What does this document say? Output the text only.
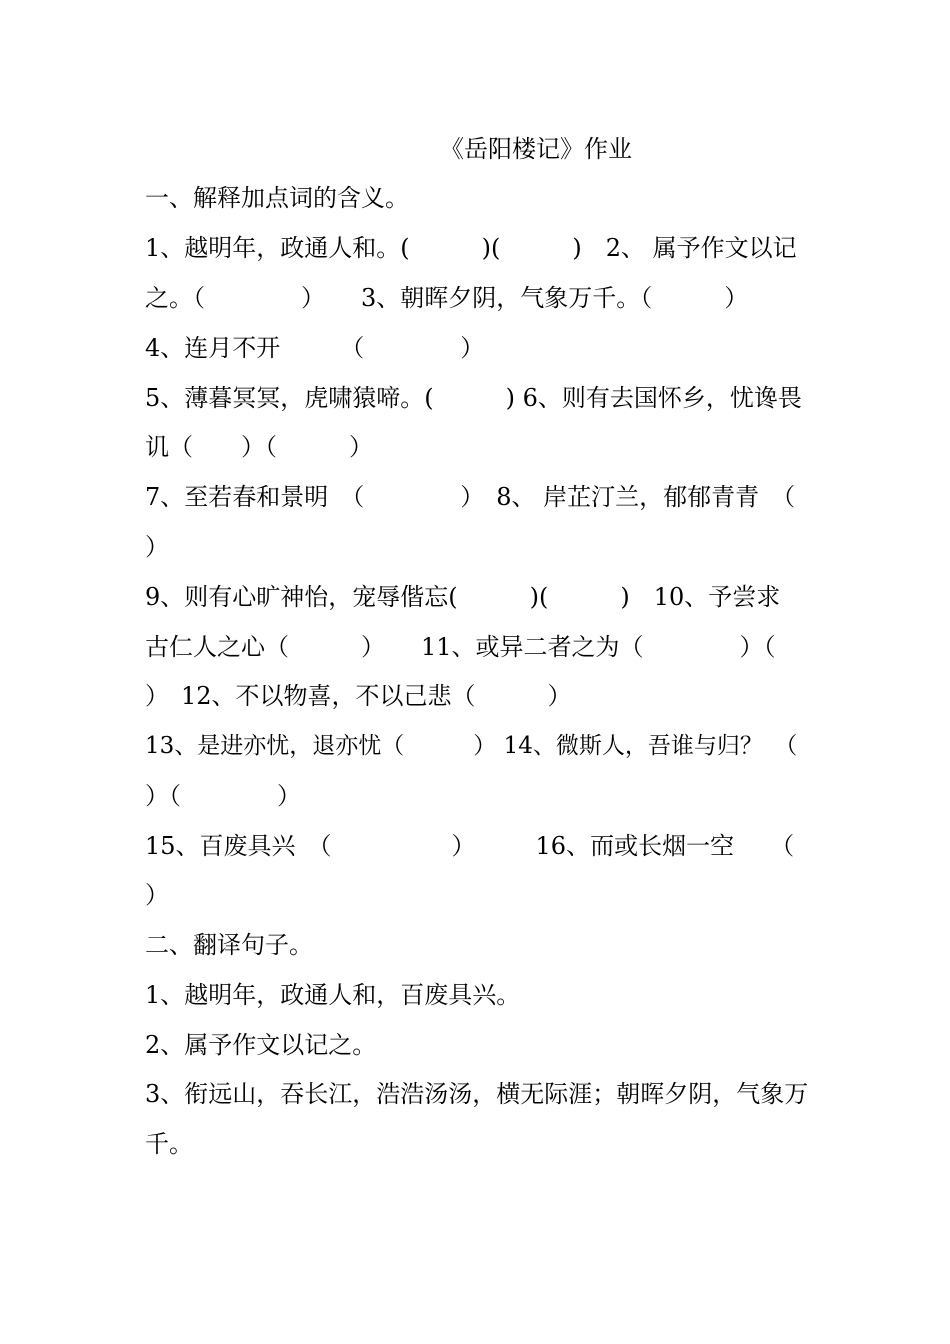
《岳阳楼记》作业
一、解释加点词的含义。
1、越明年，政通人和。(　　　)(　　　)　2、 属予作文以记
之。（　　　　）　　3、朝晖夕阴，气象万千。（　　　）
4、连月不开　　　（　　　　）
5、薄暮冥冥，虎啸猿啼。(　　　) 6、则有去国怀乡，忧谗畏
讥（　　）（　　　）
7、至若春和景明　（　　　　）　8、 岸芷汀兰，郁郁青青　（
）
9、则有心旷神怡，宠辱偕忘(　　　)(　　　)　10、予尝求
古仁人之心（　　　）　　11、或异二者之为（　　　　）（
）　12、不以物喜，不以己悲（　　　）
13、是进亦忧，退亦忧（　　　） 14、微斯人，吾谁与归？　（
）（　　　　）
15、百废具兴　（　　　　　）　　　16、而或长烟一空　　（
）
二、翻译句子。
1、越明年，政通人和，百废具兴。
2、属予作文以记之。
3、衔远山，吞长江，浩浩汤汤，横无际涯；朝晖夕阴，气象万
千。
